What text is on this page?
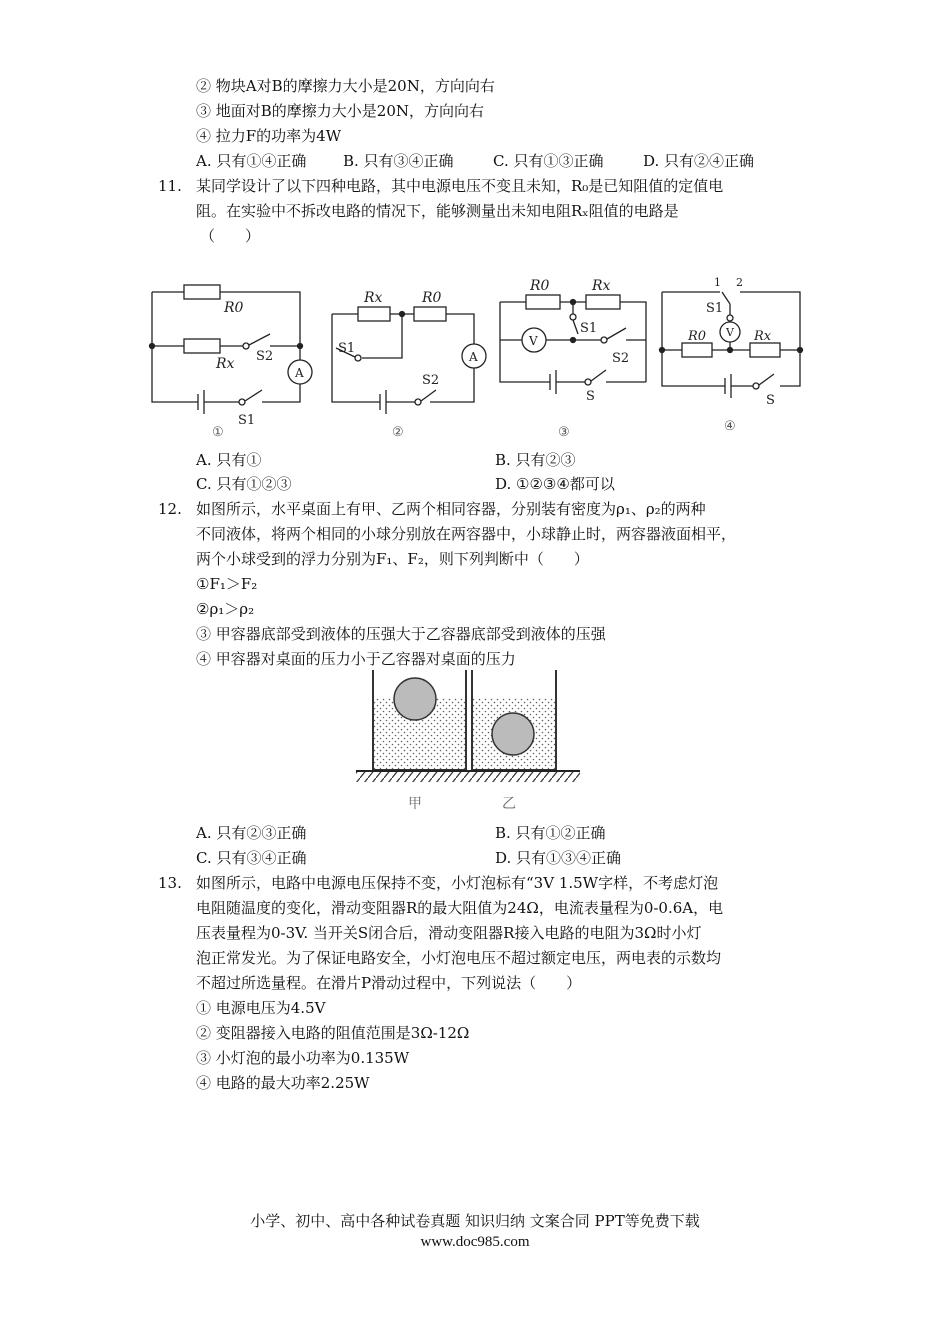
② 物块A对B的摩擦力大小是20N，方向向右
③ 地面对B的摩擦力大小是20N，方向向右
④ 拉力F的功率为4W
A. 只有①④正确 B. 只有③④正确	C. 只有①③正确	D. 只有②④正确
11. 某同学设计了以下四种电路，其中电源电压不变且未知，R₀是已知阻值的定值电
阻。在实验中不拆改电路的情况下，能够测量出未知电阻Rₓ阻值的电路是
（　　）
R0
Rx S2
S1
A
①
Rx	R0
S1
S2
A
②
R0	Rx
S1
S2
S
V
③
1 2
S1
R0	Rx
S
V
④
A. 只有①	B. 只有②③
C. 只有①②③	D. ①②③④都可以
12. 如图所示，水平桌面上有甲、乙两个相同容器，分别装有密度为ρ₁、ρ₂的两种
不同液体，将两个相同的小球分别放在两容器中，小球静止时，两容器液面相平，
两个小球受到的浮力分别为F₁、F₂，则下列判断中（　　）
①F₁＞F₂
②ρ₁＞ρ₂
③ 甲容器底部受到液体的压强大于乙容器底部受到液体的压强
④ 甲容器对桌面的压力小于乙容器对桌面的压力
甲	乙
A. 只有②③正确	B. 只有①②正确
C. 只有③④正确	D. 只有①③④正确
13. 如图所示，电路中电源电压保持不变，小灯泡标有“3V 1.5W字样，不考虑灯泡
电阻随温度的变化，滑动变阻器R的最大阻值为24Ω，电流表量程为0-0.6A，电
压表量程为0-3V. 当开关S闭合后，滑动变阻器R接入电路的电阻为3Ω时小灯
泡正常发光。为了保证电路安全，小灯泡电压不超过额定电压，两电表的示数均
不超过所选量程。在滑片P滑动过程中，下列说法（　　）
① 电源电压为4.5V
② 变阻器接入电路的阻值范围是3Ω-12Ω
③ 小灯泡的最小功率为0.135W
④ 电路的最大功率2.25W
小学、初中、高中各种试卷真题 知识归纳 文案合同 PPT等免费下载
www.doc985.com
